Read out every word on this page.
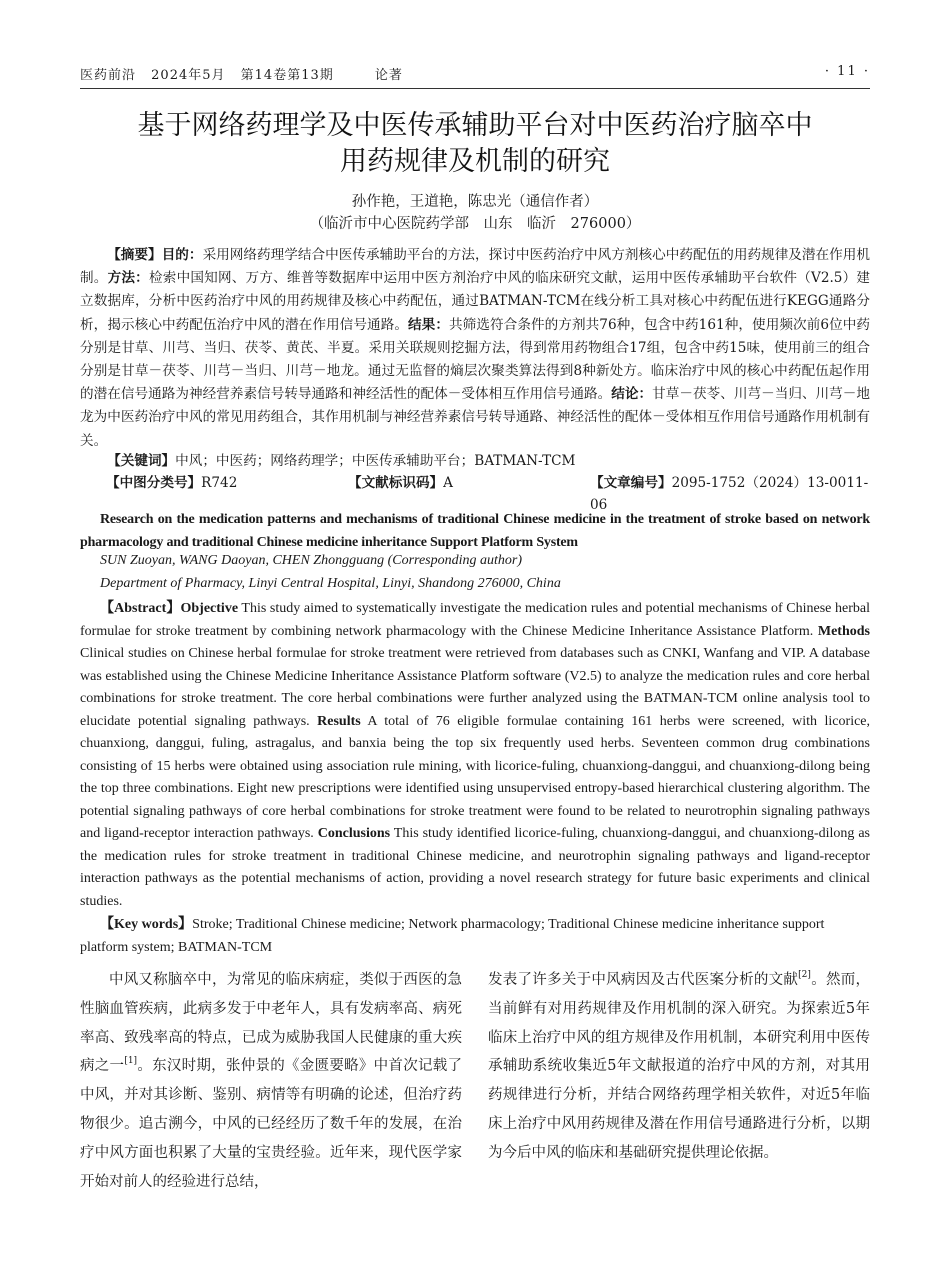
医药前沿 2024年5月 第14卷第13期	论著	· 11 ·
基于网络药理学及中医传承辅助平台对中医药治疗脑卒中
用药规律及机制的研究
孙作艳，王道艳，陈忠光（通信作者）
（临沂市中心医院药学部　山东　临沂　276000）

【摘要】目的：采用网络药理学结合中医传承辅助平台的方法，探讨中医药治疗中风方剂核心中药配伍的用药规律及潜在作用机制。方法：检索中国知网、万方、维普等数据库中运用中医方剂治疗中风的临床研究文献，运用中医传承辅助平台软件（V2.5）建立数据库，分析中医药治疗中风的用药规律及核心中药配伍，通过BATMAN-TCM在线分析工具对核心中药配伍进行KEGG通路分析，揭示核心中药配伍治疗中风的潜在作用信号通路。结果：共筛选符合条件的方剂共76种，包含中药161种，使用频次前6位中药分别是甘草、川芎、当归、茯苓、黄芪、半夏。采用关联规则挖掘方法，得到常用药物组合17组，包含中药15味，使用前三的组合分别是甘草－茯苓、川芎－当归、川芎－地龙。通过无监督的熵层次聚类算法得到8种新处方。临床治疗中风的核心中药配伍起作用的潜在信号通路为神经营养素信号转导通路和神经活性的配体－受体相互作用信号通路。结论：甘草－茯苓、川芎－当归、川芎－地龙为中医药治疗中风的常见用药组合，其作用机制与神经营养素信号转导通路、神经活性的配体－受体相互作用信号通路作用机制有关。

【关键词】中风；中医药；网络药理学；中医传承辅助平台；BATMAN-TCM

【中图分类号】R742	【文献标识码】A	【文章编号】2095-1752（2024）13-0011-06

Research on the medication patterns and mechanisms of traditional Chinese medicine in the treatment of stroke based on network pharmacology and traditional Chinese medicine inheritance Support Platform System

SUN Zuoyan, WANG Daoyan, CHEN Zhongguang (Corresponding author)
Department of Pharmacy, Linyi Central Hospital, Linyi, Shandong 276000, China

【Abstract】Objective This study aimed to systematically investigate the medication rules and potential mechanisms of Chinese herbal formulae for stroke treatment by combining network pharmacology with the Chinese Medicine Inheritance Assistance Platform. Methods Clinical studies on Chinese herbal formulae for stroke treatment were retrieved from databases such as CNKI, Wanfang and VIP. A database was established using the Chinese Medicine Inheritance Assistance Platform software (V2.5) to analyze the medication rules and core herbal combinations for stroke treatment. The core herbal combinations were further analyzed using the BATMAN-TCM online analysis tool to elucidate potential signaling pathways. Results A total of 76 eligible formulae containing 161 herbs were screened, with licorice, chuanxiong, danggui, fuling, astragalus, and banxia being the top six frequently used herbs. Seventeen common drug combinations consisting of 15 herbs were obtained using association rule mining, with licorice-fuling, chuanxiong-danggui, and chuanxiong-dilong being the top three combinations. Eight new prescriptions were identified using unsupervised entropy-based hierarchical clustering algorithm. The potential signaling pathways of core herbal combinations for stroke treatment were found to be related to neurotrophin signaling pathways and ligand-receptor interaction pathways. Conclusions This study identified licorice-fuling, chuanxiong-danggui, and chuanxiong-dilong as the medication rules for stroke treatment in traditional Chinese medicine, and neurotrophin signaling pathways and ligand-receptor interaction pathways as the potential mechanisms of action, providing a novel research strategy for future basic experiments and clinical studies.

【Key words】Stroke; Traditional Chinese medicine; Network pharmacology; Traditional Chinese medicine inheritance support platform system; BATMAN-TCM

中风又称脑卒中，为常见的临床病症，类似于西医的急性脑血管疾病，此病多发于中老年人，具有发病率高、病死率高、致残率高的特点，已成为威胁我国人民健康的重大疾病之一[1]。东汉时期，张仲景的《金匮要略》中首次记载了中风，并对其诊断、鉴别、病情等有明确的论述，但治疗药物很少。追古溯今，中风的已经经历了数千年的发展，在治疗中风方面也积累了大量的宝贵经验。近年来，现代医学家开始对前人的经验进行总结，

发表了许多关于中风病因及古代医案分析的文献[2]。然而，当前鲜有对用药规律及作用机制的深入研究。为探索近5年临床上治疗中风的组方规律及作用机制，本研究利用中医传承辅助系统收集近5年文献报道的治疗中风的方剂，对其用药规律进行分析，并结合网络药理学相关软件，对近5年临床上治疗中风用药规律及潜在作用信号通路进行分析，以期为今后中风的临床和基础研究提供理论依据。
